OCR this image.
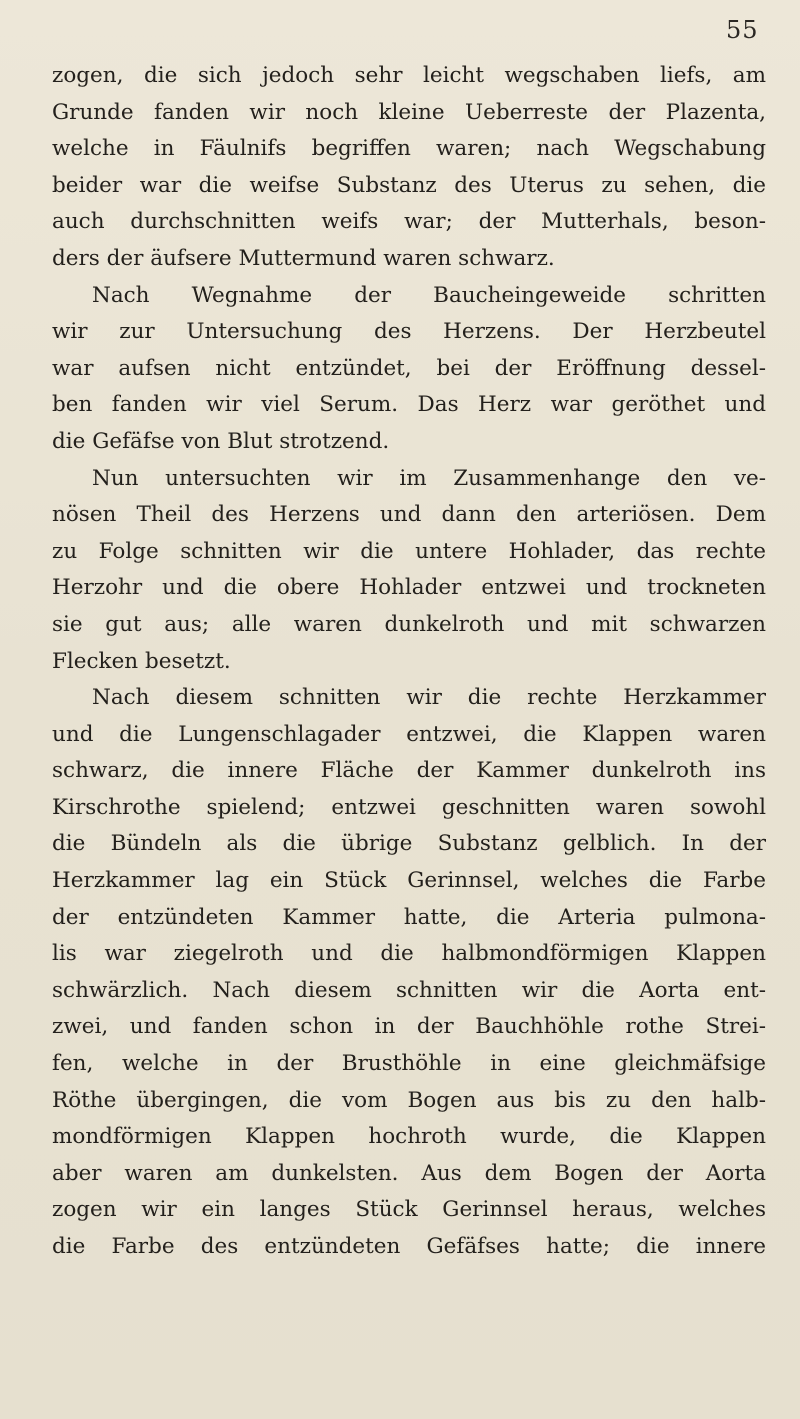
55
zogen, die sich jedoch sehr leicht wegschaben liefs, am
Grunde fanden wir noch kleine Ueberreste der Plazenta,
welche in Fäulnifs begriffen waren; nach Wegschabung
beider war die weifse Substanz des Uterus zu sehen, die
auch durchschnitten weifs war; der Mutterhals, beson-
ders der äufsere Muttermund waren schwarz.
Nach Wegnahme der Baucheingeweide schritten
wir zur Untersuchung des Herzens. Der Herzbeutel
war aufsen nicht entzündet, bei der Eröffnung dessel-
ben fanden wir viel Serum. Das Herz war geröthet und
die Gefäfse von Blut strotzend.
Nun untersuchten wir im Zusammenhange den ve-
nösen Theil des Herzens und dann den arteriösen. Dem
zu Folge schnitten wir die untere Hohlader, das rechte
Herzohr und die obere Hohlader entzwei und trockneten
sie gut aus; alle waren dunkelroth und mit schwarzen
Flecken besetzt.
Nach diesem schnitten wir die rechte Herzkammer
und die Lungenschlagader entzwei, die Klappen waren
schwarz, die innere Fläche der Kammer dunkelroth ins
Kirschrothe spielend; entzwei geschnitten waren sowohl
die Bündeln als die übrige Substanz gelblich. In der
Herzkammer lag ein Stück Gerinnsel, welches die Farbe
der entzündeten Kammer hatte, die Arteria pulmona-
lis war ziegelroth und die halbmondförmigen Klappen
schwärzlich. Nach diesem schnitten wir die Aorta ent-
zwei, und fanden schon in der Bauchhöhle rothe Strei-
fen, welche in der Brusthöhle in eine gleichmäfsige
Röthe übergingen, die vom Bogen aus bis zu den halb-
mondförmigen Klappen hochroth wurde, die Klappen
aber waren am dunkelsten. Aus dem Bogen der Aorta
zogen wir ein langes Stück Gerinnsel heraus, welches
die Farbe des entzündeten Gefäfses hatte; die innere
